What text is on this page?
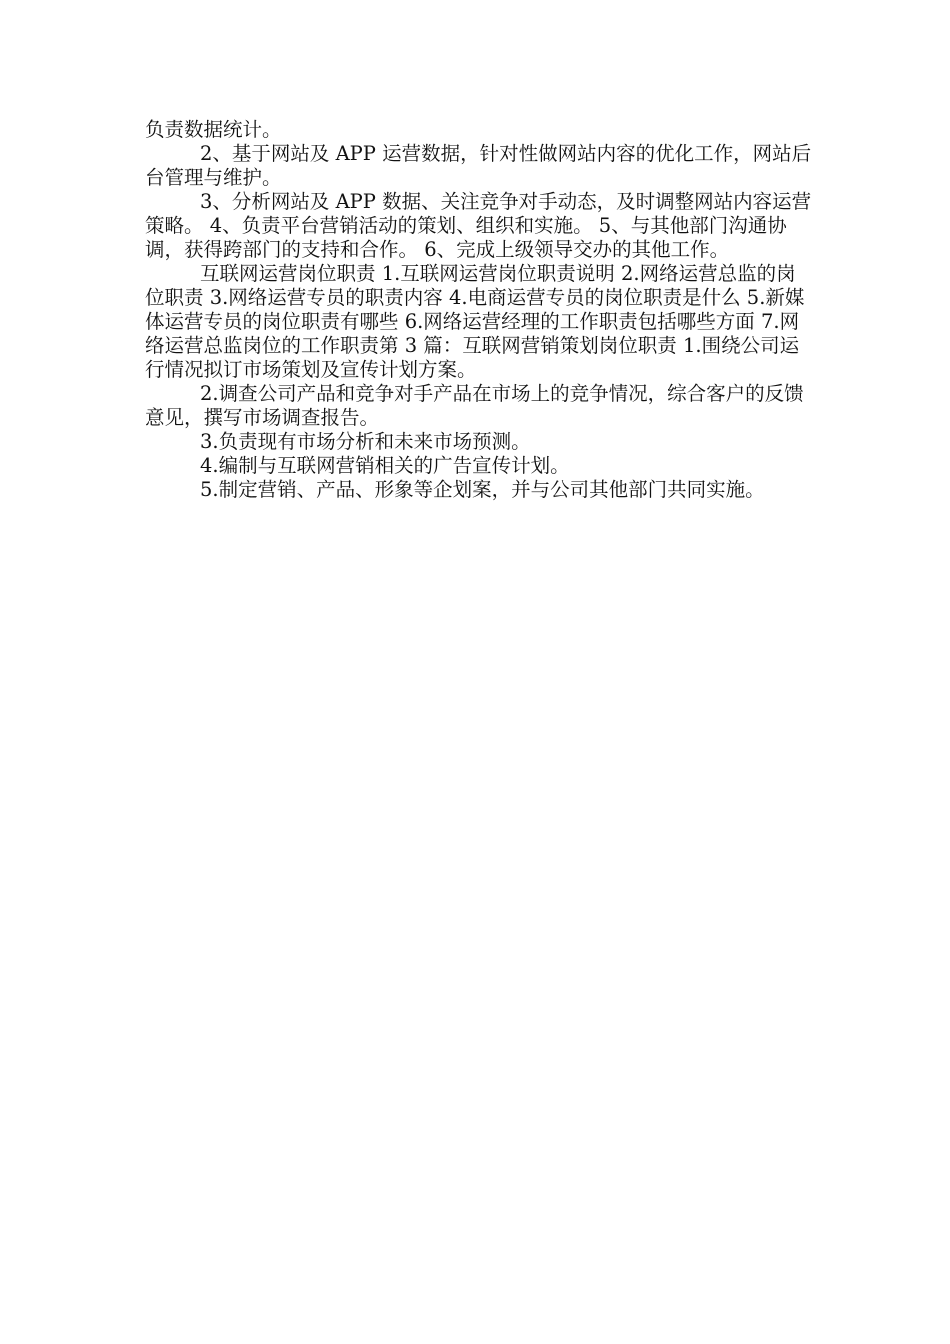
负责数据统计。

2、基于网站及 APP 运营数据，针对性做网站内容的优化工作，网站后台管理与维护。

3、分析网站及 APP 数据、关注竞争对手动态，及时调整网站内容运营策略。 4、负责平台营销活动的策划、组织和实施。 5、与其他部门沟通协调，获得跨部门的支持和合作。 6、完成上级领导交办的其他工作。

互联网运营岗位职责 1.互联网运营岗位职责说明 2.网络运营总监的岗位职责 3.网络运营专员的职责内容 4.电商运营专员的岗位职责是什么 5.新媒体运营专员的岗位职责有哪些 6.网络运营经理的工作职责包括哪些方面 7.网络运营总监岗位的工作职责第 3 篇：互联网营销策划岗位职责 1.围绕公司运行情况拟订市场策划及宣传计划方案。

2.调查公司产品和竞争对手产品在市场上的竞争情况，综合客户的反馈意见，撰写市场调查报告。

3.负责现有市场分析和未来市场预测。

4.编制与互联网营销相关的广告宣传计划。

5.制定营销、产品、形象等企划案，并与公司其他部门共同实施。
